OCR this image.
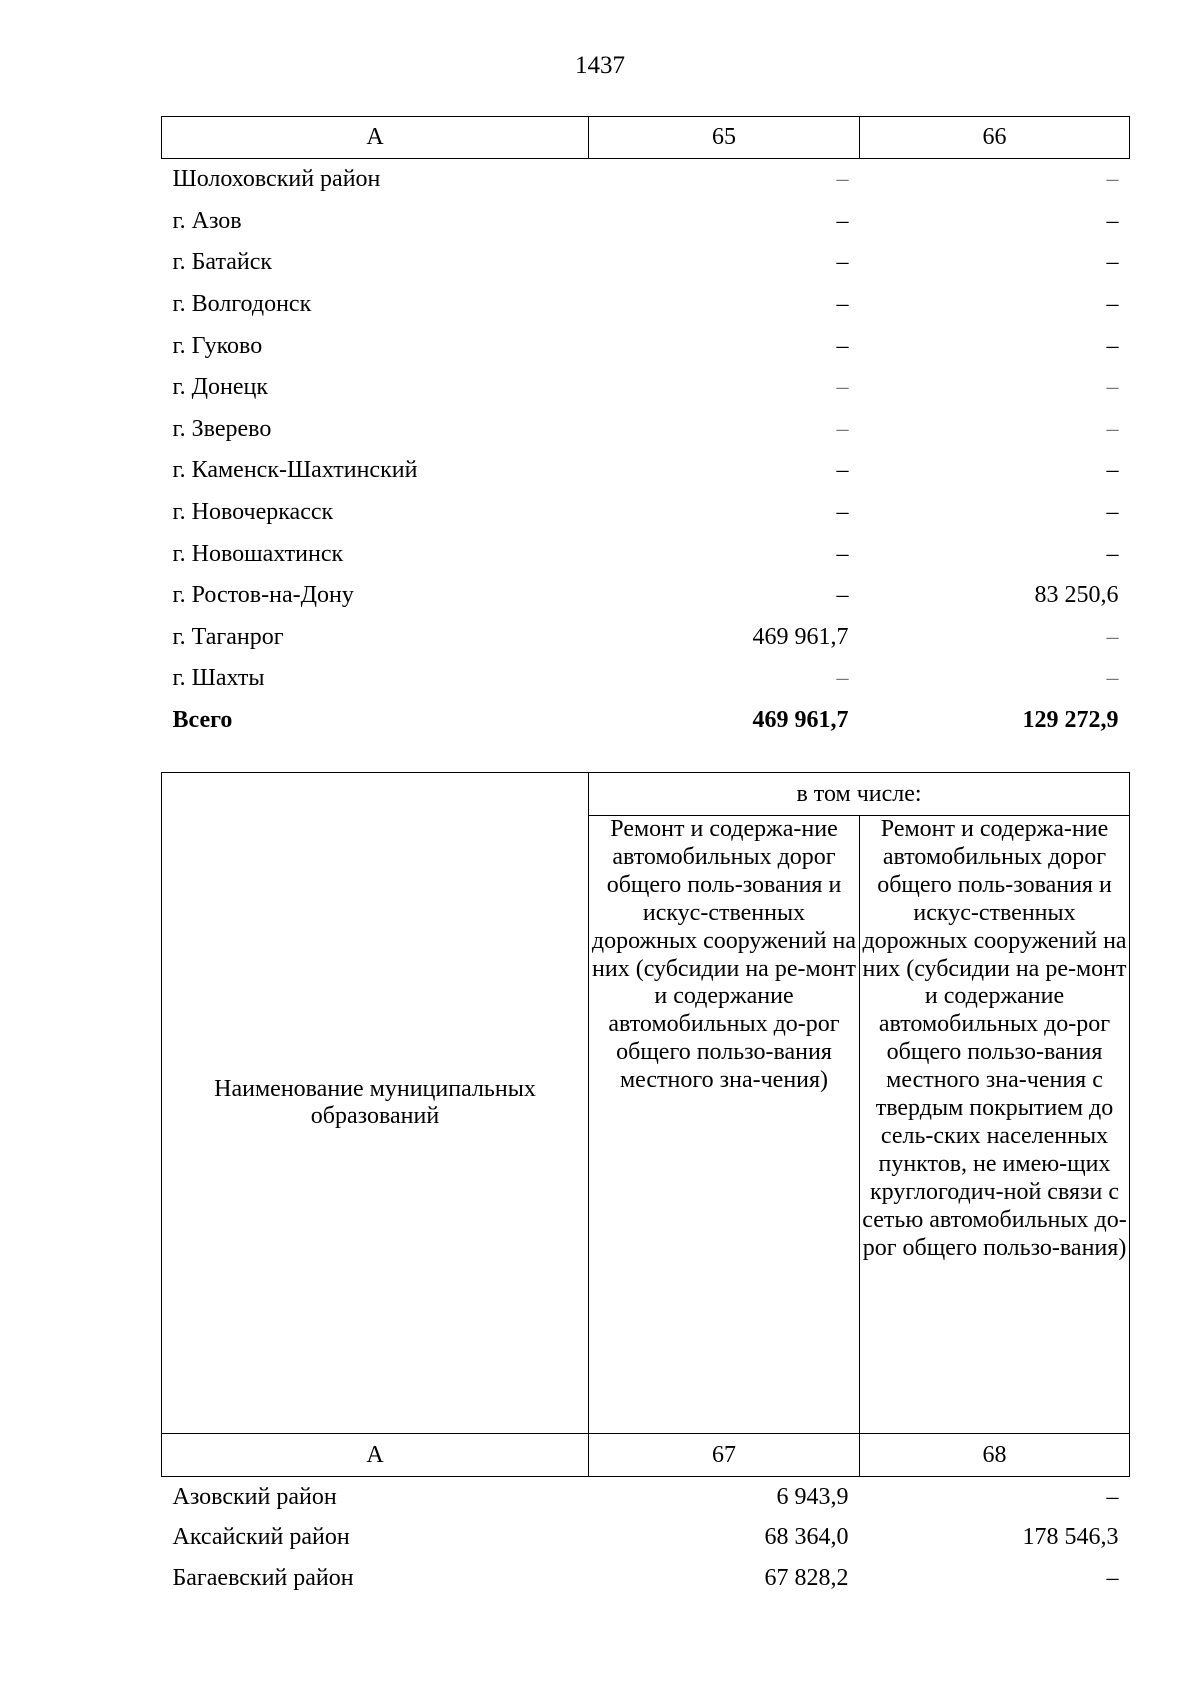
1437
А	65	66
Шолоховский район	–	–
г. Азов	–	–
г. Батайск	–	–
г. Волгодонск	–	–
г. Гуково	–	–
г. Донецк	–	–
г. Зверево	–	–
г. Каменск-Шахтинский	–	–
г. Новочеркасск	–	–
г. Новошахтинск	–	–
г. Ростов-на-Дону	–	83 250,6
г. Таганрог	469 961,7	–
г. Шахты	–	–
Всего	469 961,7	129 272,9
Наименование муниципальных образований	в том числе:	

	Ремонт и содержа-ние автомобильных дорог общего поль-зования и искус-ственных дорожных сооружений на них (субсидии на ре-монт и содержание автомобильных до-рог общего пользо-вания местного зна-чения)	Ремонт и содержа-ние автомобильных дорог общего поль-зования и искус-ственных дорожных сооружений на них (субсидии на ре-монт и содержание автомобильных до-рог общего пользо-вания местного зна-чения с твердым покрытием до сель-ских населенных пунктов, не имею-щих круглогодич-ной связи с сетью автомобильных до-рог общего пользо-вания)

А	67	68
Азовский район	6 943,9	–
Аксайский район	68 364,0	178 546,3
Багаевский район	67 828,2	–
